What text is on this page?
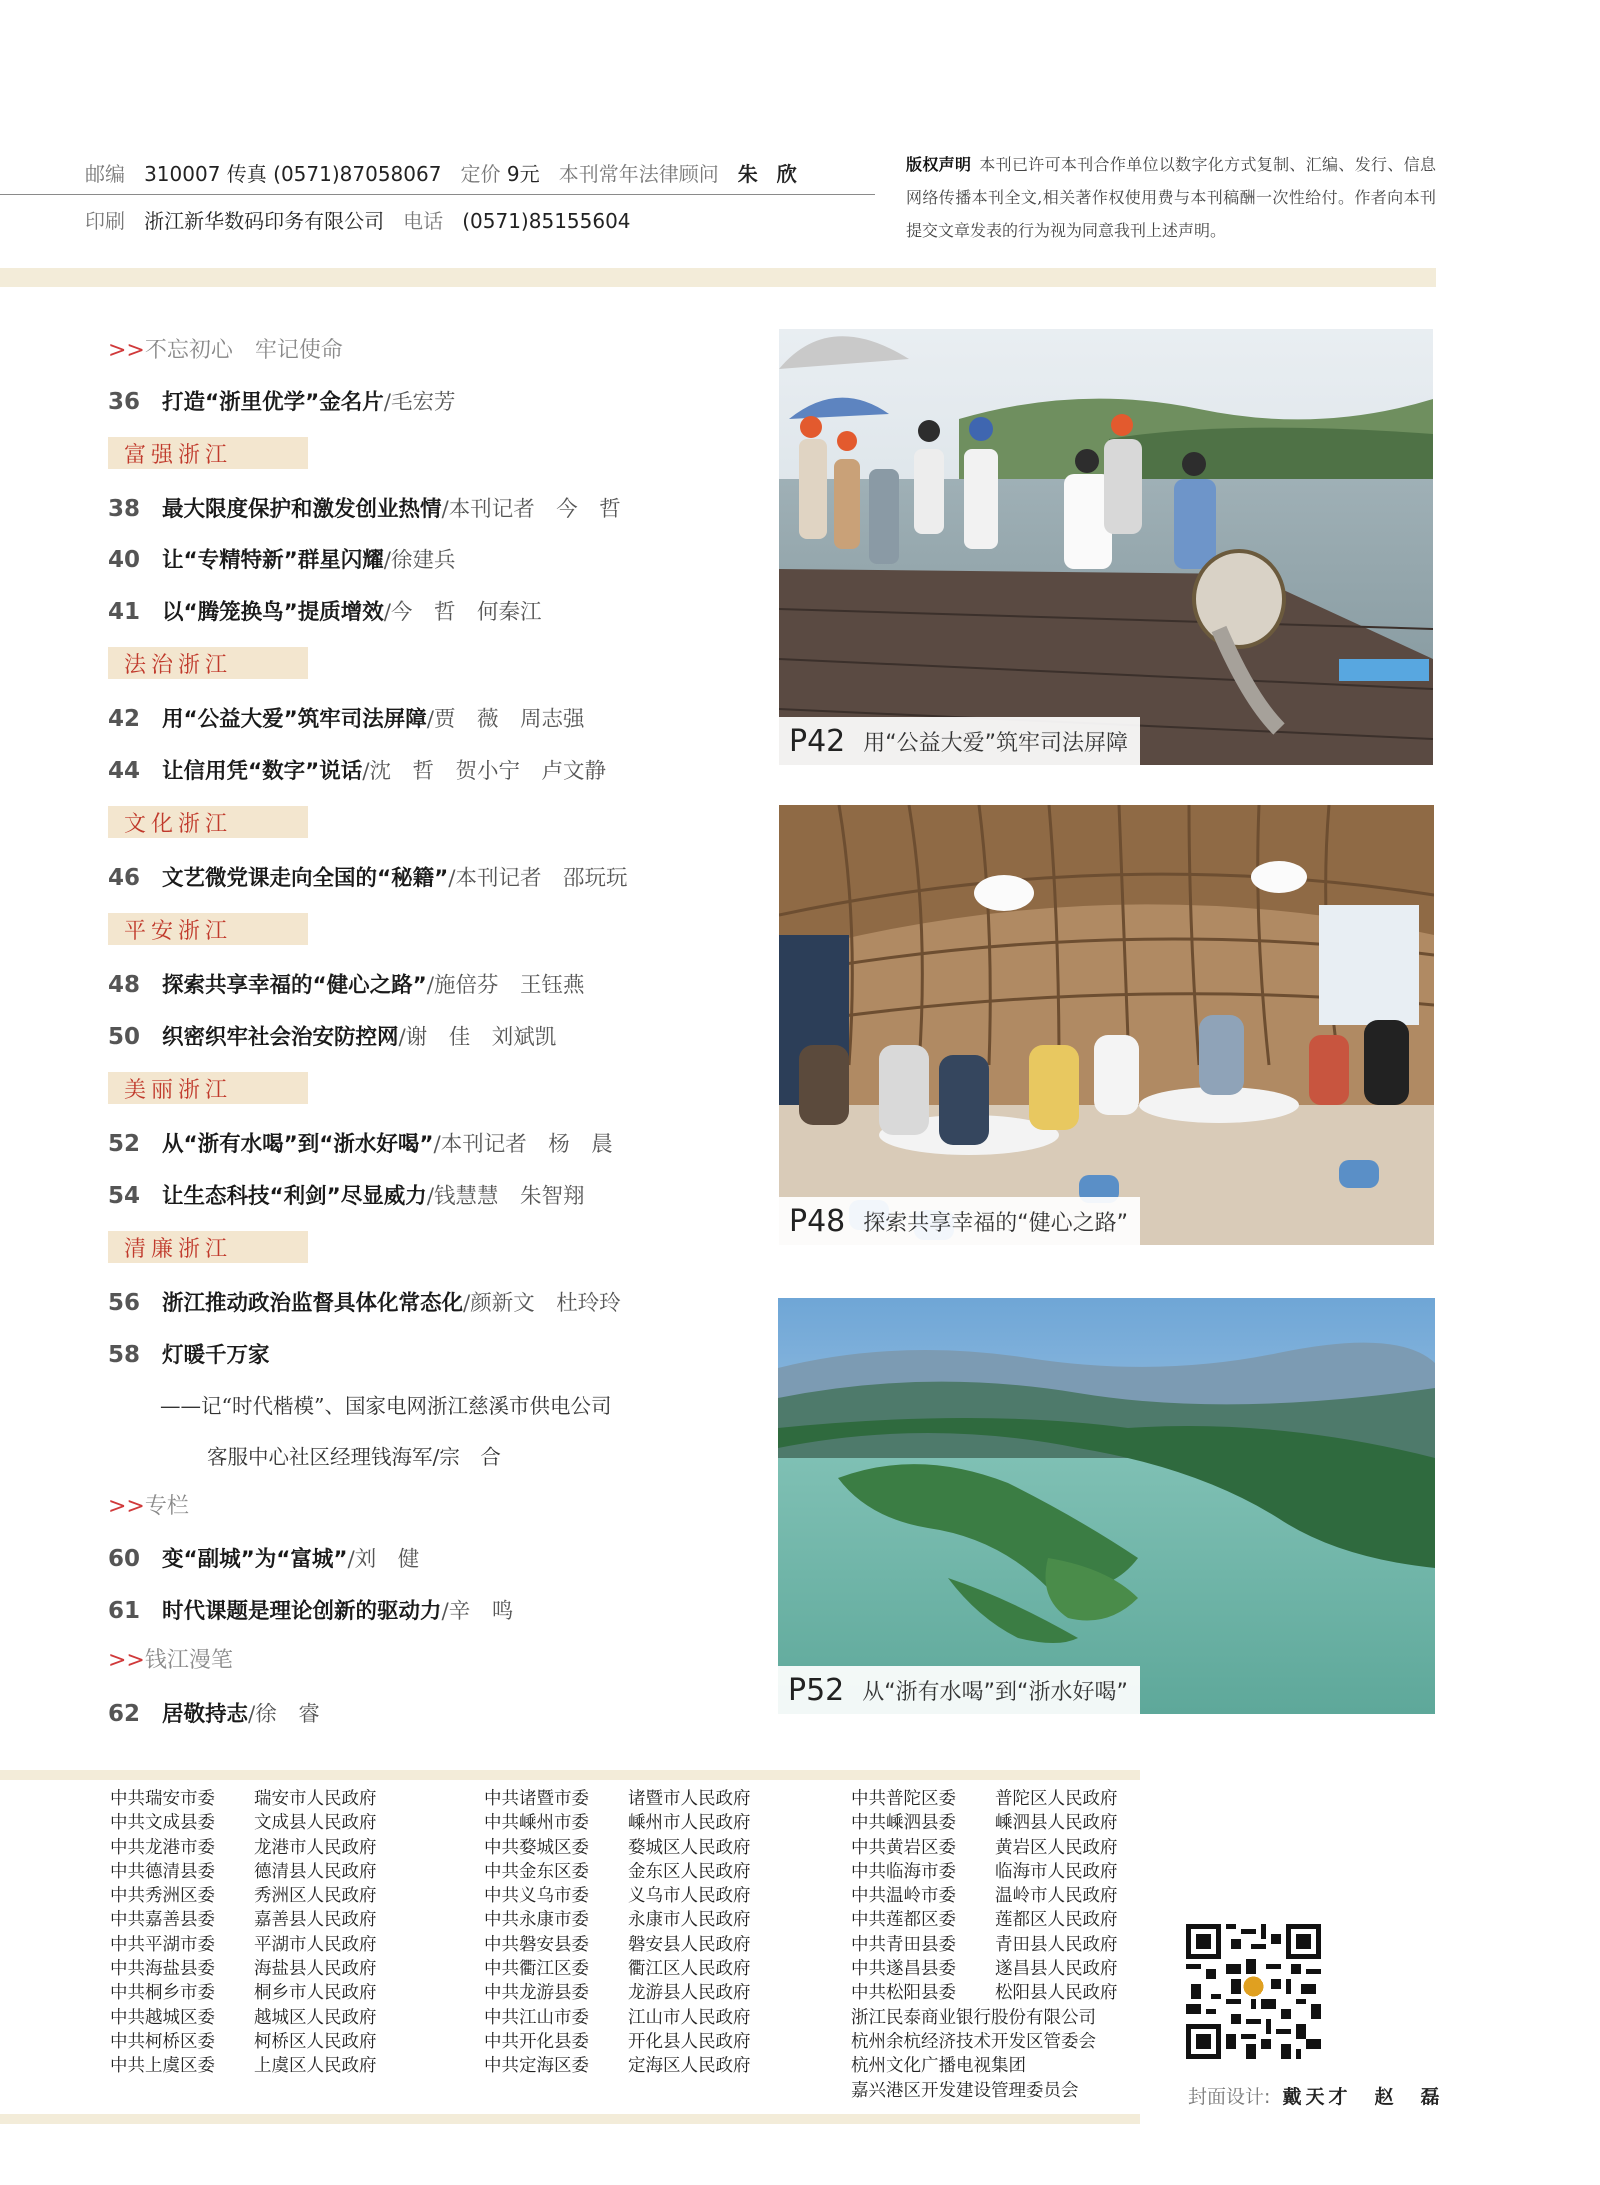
邮编 310007 传真 (0571)87058067 定价 9元 本刊常年法律顾问 朱 欣
印刷 浙江新华数码印务有限公司 电话 (0571)85155604
版权声明 本刊已许可本刊合作单位以数字化方式复制、汇编、发行、信息网络传播本刊全文,相关著作权使用费与本刊稿酬一次性给付。作者向本刊提交文章发表的行为视为同意我刊上述声明。
>>不忘初心　牢记使命
36 打造“浙里优学”金名片/毛宏芳
富强浙江
38 最大限度保护和激发创业热情/本刊记者　今　哲
40 让“专精特新”群星闪耀/徐建兵
41 以“腾笼换鸟”提质增效/今　哲　何秦江
法治浙江
42 用“公益大爱”筑牢司法屏障/贾　薇　周志强
44 让信用凭“数字”说话/沈　哲　贺小宁　卢文静
文化浙江
46 文艺微党课走向全国的“秘籍”/本刊记者　邵玩玩
平安浙江
48 探索共享幸福的“健心之路”/施倍芬　王钰燕
50 织密织牢社会治安防控网/谢　佳　刘斌凯
美丽浙江
52 从“浙有水喝”到“浙水好喝”/本刊记者　杨　晨
54 让生态科技“利剑”尽显威力/钱慧慧　朱智翔
清廉浙江
56 浙江推动政治监督具体化常态化/颜新文　杜玲玲
58 灯暖千万家
——记“时代楷模”、国家电网浙江慈溪市供电公司
客服中心社区经理钱海军/宗　合
>>专栏
60 变“副城”为“富城”/刘　健
61 时代课题是理论创新的驱动力/辛　鸣
>>钱江漫笔
62 居敬持志/徐　睿
P42 用“公益大爱”筑牢司法屏障
P48 探索共享幸福的“健心之路”
P52 从“浙有水喝”到“浙水好喝”
中共瑞安市委 瑞安市人民政府
中共文成县委 文成县人民政府
中共龙港市委 龙港市人民政府
中共德清县委 德清县人民政府
中共秀洲区委 秀洲区人民政府
中共嘉善县委 嘉善县人民政府
中共平湖市委 平湖市人民政府
中共海盐县委 海盐县人民政府
中共桐乡市委 桐乡市人民政府
中共越城区委 越城区人民政府
中共柯桥区委 柯桥区人民政府
中共上虞区委 上虞区人民政府
中共诸暨市委 诸暨市人民政府
中共嵊州市委 嵊州市人民政府
中共婺城区委 婺城区人民政府
中共金东区委 金东区人民政府
中共义乌市委 义乌市人民政府
中共永康市委 永康市人民政府
中共磐安县委 磐安县人民政府
中共衢江区委 衢江区人民政府
中共龙游县委 龙游县人民政府
中共江山市委 江山市人民政府
中共开化县委 开化县人民政府
中共定海区委 定海区人民政府
中共普陀区委 普陀区人民政府
中共嵊泗县委 嵊泗县人民政府
中共黄岩区委 黄岩区人民政府
中共临海市委 临海市人民政府
中共温岭市委 温岭市人民政府
中共莲都区委 莲都区人民政府
中共青田县委 青田县人民政府
中共遂昌县委 遂昌县人民政府
中共松阳县委 松阳县人民政府
浙江民泰商业银行股份有限公司
杭州余杭经济技术开发区管委会
杭州文化广播电视集团
嘉兴港区开发建设管理委员会	封面设计: 戴天才　赵　磊
